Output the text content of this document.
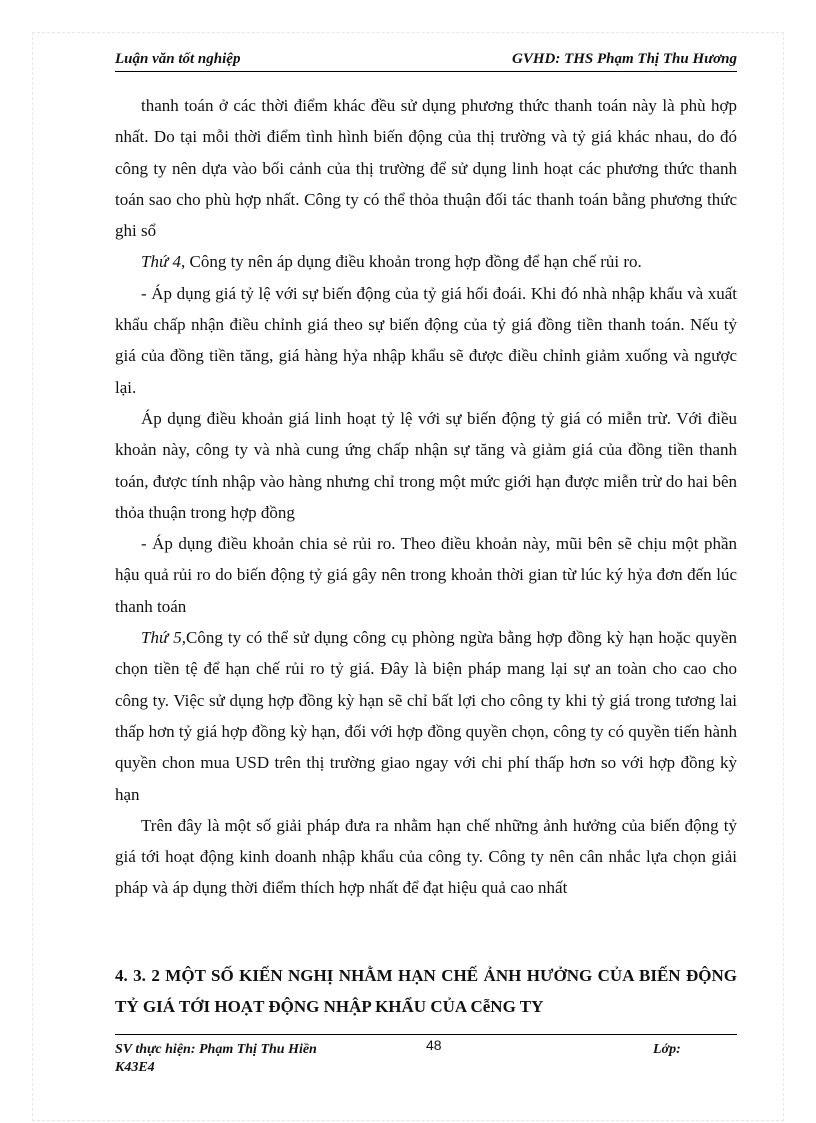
Luận văn tốt nghiệp	GVHD: THS Phạm Thị Thu Hương

thanh toán ở các thời điểm khác đều sử dụng phương thức thanh toán này là phù hợp nhất. Do tại mỗi thời điểm tình hình biến động của thị trường và tỷ giá khác nhau, do đó công ty nên dựa vào bối cảnh của thị trường để sử dụng linh hoạt các phương thức thanh toán sao cho phù hợp nhất. Công ty có thể thỏa thuận đối tác thanh toán bằng phương thức ghi sổ

Thứ 4, Công ty nên áp dụng điều khoản trong hợp đồng để hạn chế rủi ro.

- Áp dụng giá tỷ lệ với sự biến động của tỷ giá hối đoái. Khi đó nhà nhập khẩu và xuất khẩu chấp nhận điều chỉnh giá theo sự biến động của tỷ giá đồng tiền thanh toán. Nếu tỷ giá của đồng tiền tăng, giá hàng hỷa nhập khẩu sẽ được điều chỉnh giảm xuống và ngược lại.

Áp dụng điều khoản giá linh hoạt tỷ lệ với sự biến động tỷ giá có miễn trừ. Với điều khoản này, công ty và nhà cung ứng chấp nhận sự tăng và giảm giá của đồng tiền thanh toán, được tính nhập vào hàng nhưng chỉ trong một mức giới hạn được miễn trừ do hai bên thỏa thuận trong hợp đồng

- Áp dụng điều khoản chia sẻ rủi ro. Theo điều khoản này, mũi bên sẽ chịu một phần hậu quả rủi ro do biến động tỷ giá gây nên trong khoản thời gian từ lúc ký hỷa đơn đến lúc thanh toán

Thứ 5,Công ty có thể sử dụng công cụ phòng ngừa bằng hợp đồng kỳ hạn hoặc quyền chọn tiền tệ để hạn chế rủi ro tỷ giá. Đây là biện pháp mang lại sự an toàn cho cao cho công ty. Việc sử dụng hợp đồng kỳ hạn sẽ chỉ bất lợi cho công ty khi tỷ giá trong tương lai thấp hơn tỷ giá hợp đồng kỳ hạn, đối với hợp đồng quyền chọn, công ty có quyền tiến hành quyền chon mua USD trên thị trường giao ngay với chi phí thấp hơn so với hợp đồng kỳ hạn

Trên đây là một số giải pháp đưa ra nhằm hạn chế những ảnh hưởng của biến động tỷ giá tới hoạt động kinh doanh nhập khẩu của công ty. Công ty nên cân nhắc lựa chọn giải pháp và áp dụng thời điểm thích hợp nhất để đạt hiệu quả cao nhất

4. 3. 2 MỘT SỐ KIẾN NGHỊ NHẰM HẠN CHẾ ẢNH HƯỞNG CỦA BIẾN ĐỘNG TỶ GIÁ TỚI HOẠT ĐỘNG NHẬP KHẨU CỦA CễNG TY
SV thực hiện: Phạm Thị Thu Hiền
K43E4
Lớp:
48
